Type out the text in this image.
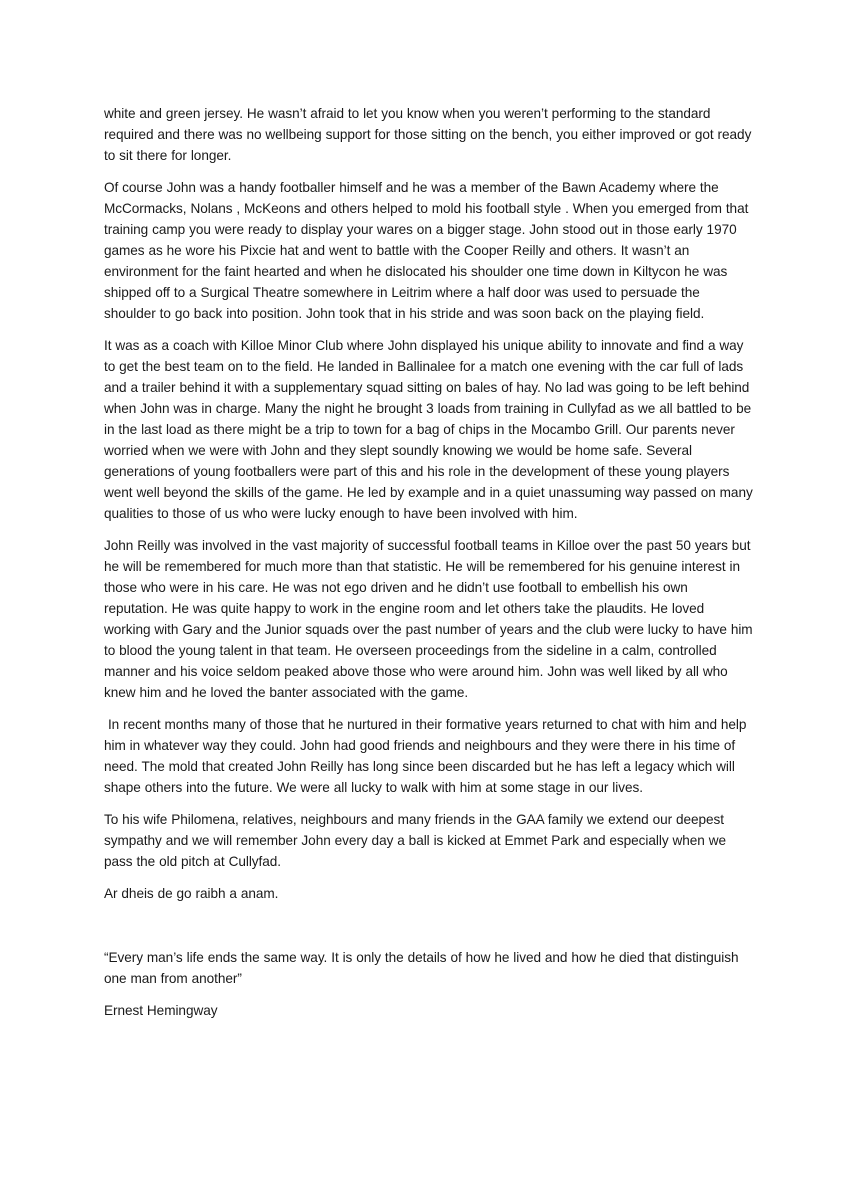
white and green jersey. He wasn’t afraid to let you know when you weren’t performing to the standard required and there was no wellbeing support for those sitting on the bench, you either improved or got ready to sit there for longer.

Of course John was a handy footballer himself and he was a member of the Bawn Academy where the McCormacks, Nolans , McKeons and others helped to mold his football style . When you emerged from that training camp you were ready to display your wares on a bigger stage. John stood out in those early 1970 games as he wore his Pixcie hat and went to battle with the Cooper Reilly and others. It wasn’t an environment for the faint hearted and when he dislocated his shoulder one time down in Kiltycon he was shipped off to a Surgical Theatre somewhere in Leitrim where a half door was used to persuade the shoulder to go back into position. John took that in his stride and was soon back on the playing field.

It was as a coach with Killoe Minor Club where John displayed his unique ability to innovate and find a way to get the best team on to the field. He landed in Ballinalee for a match one evening with the car full of lads and a trailer behind it with a supplementary squad sitting on bales of hay. No lad was going to be left behind when John was in charge. Many the night he brought 3 loads from training in Cullyfad as we all battled to be in the last load as there might be a trip to town for a bag of chips in the Mocambo Grill. Our parents never worried when we were with John and they slept soundly knowing we would be home safe. Several generations of young footballers were part of this and his role in the development of these young players went well beyond the skills of the game. He led by example and in a quiet unassuming way passed on many qualities to those of us who were lucky enough to have been involved with him.

John Reilly was involved in the vast majority of successful football teams in Killoe over the past 50 years but he will be remembered for much more than that statistic. He will be remembered for his genuine interest in those who were in his care. He was not ego driven and he didn’t use football to embellish his own reputation. He was quite happy to work in the engine room and let others take the plaudits. He loved working with Gary and the Junior squads over the past number of years and the club were lucky to have him to blood the young talent in that team. He overseen proceedings from the sideline in a calm, controlled manner and his voice seldom peaked above those who were around him. John was well liked by all who knew him and he loved the banter associated with the game.

In recent months many of those that he nurtured in their formative years returned to chat with him and help him in whatever way they could. John had good friends and neighbours and they were there in his time of need. The mold that created John Reilly has long since been discarded but he has left a legacy which will shape others into the future. We were all lucky to walk with him at some stage in our lives.

To his wife Philomena, relatives, neighbours and many friends in the GAA family we extend our deepest sympathy and we will remember John every day a ball is kicked at Emmet Park and especially when we pass the old pitch at Cullyfad.

Ar dheis de go raibh a anam.

“Every man’s life ends the same way. It is only the details of how he lived and how he died that distinguish one man from another”

Ernest Hemingway
